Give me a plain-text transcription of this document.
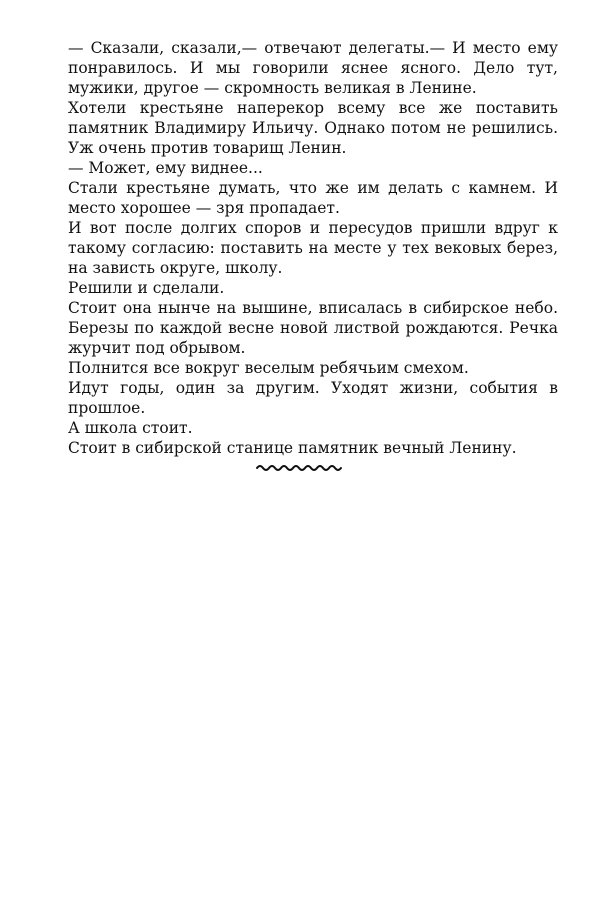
— Сказали, сказали,— отвечают делегаты.— И место ему понравилось. И мы говорили яснее ясного. Дело тут, мужики, другое — скромность великая в Ленине.

Хотели крестьяне наперекор всему все же поставить памятник Владимиру Ильичу. Однако потом не решились. Уж очень против товарищ Ленин.

— Может, ему виднее...

Стали крестьяне думать, что же им делать с камнем. И место хорошее — зря пропадает.

И вот после долгих споров и пересудов пришли вдруг к такому согласию: поставить на месте у тех вековых берез, на зависть округе, школу.

Решили и сделали.

Стоит она нынче на вышине, вписалась в сибирское небо. Березы по каждой весне новой листвой рождаются. Речка журчит под обрывом.

Полнится все вокруг веселым ребячьим смехом.

Идут годы, один за другим. Уходят жизни, события в прошлое.

А школа стоит.

Стоит в сибирской станице памятник вечный Ленину.
